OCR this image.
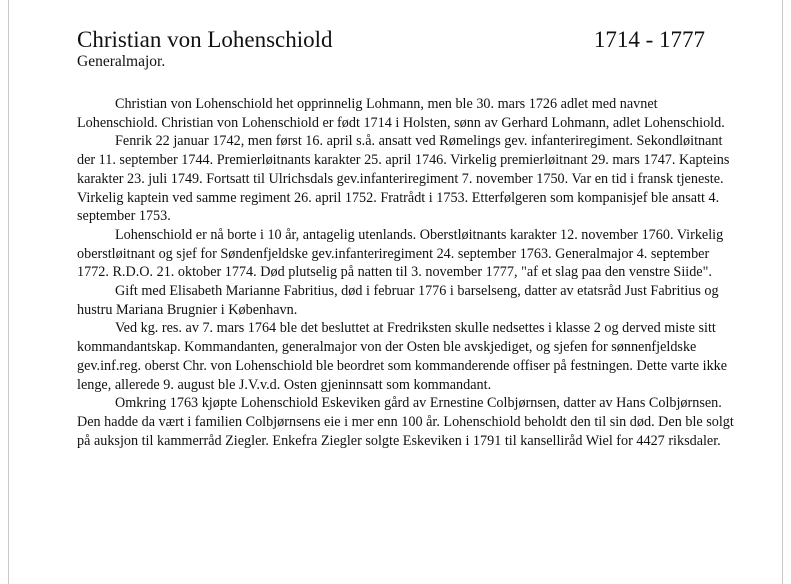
Christian von Lohenschiold	1714 - 1777
Generalmajor.

Christian von Lohenschiold het opprinnelig Lohmann, men ble 30. mars 1726 adlet med navnet Lohenschiold. Christian von Lohenschiold er født 1714 i Holsten, sønn av Gerhard Lohmann, adlet Lohenschiold.

Fenrik 22 januar 1742, men først 16. april s.å. ansatt ved Rømelings gev. infanteriregiment. Sekondløitnant der 11. september 1744. Premierløitnants karakter 25. april 1746. Virkelig premierløitnant 29. mars 1747. Kapteins karakter 23. juli 1749. Fortsatt til Ulrichsdals gev.infanteriregiment 7. november 1750. Var en tid i fransk tjeneste. Virkelig kaptein ved samme regiment 26. april 1752. Fratrådt i 1753. Etterfølgeren som kompanisjef ble ansatt 4. september 1753.

Lohenschiold er nå borte i 10 år, antagelig utenlands. Oberstløitnants karakter 12. november 1760. Virkelig oberstløitnant og sjef for Søndenfjeldske gev.infanteriregiment 24. september 1763. Generalmajor 4. september 1772. R.D.O. 21. oktober 1774. Død plutselig på natten til 3. november 1777, "af et slag paa den venstre Siide".

Gift med Elisabeth Marianne Fabritius, død i februar 1776 i barselseng, datter av etatsråd Just Fabritius og hustru Mariana Brugnier i København.

Ved kg. res. av 7. mars 1764 ble det besluttet at Fredriksten skulle nedsettes i klasse 2 og derved miste sitt kommandantskap. Kommandanten, generalmajor von der Osten ble avskjediget, og sjefen for sønnenfjeldske gev.inf.reg. oberst Chr. von Lohenschiold ble beordret som kommanderende offiser på festningen. Dette varte ikke lenge, allerede 9. august ble J.V.v.d. Osten gjeninnsatt som kommandant.

Omkring 1763 kjøpte Lohenschiold Eskeviken gård av Ernestine Colbjørnsen, datter av Hans Colbjørnsen. Den hadde da vært i familien Colbjørnsens eie i mer enn 100 år. Lohenschiold beholdt den til sin død. Den ble solgt på auksjon til kammerråd Ziegler. Enkefra Ziegler solgte Eskeviken i 1791 til kanselliråd Wiel for 4427 riksdaler.
